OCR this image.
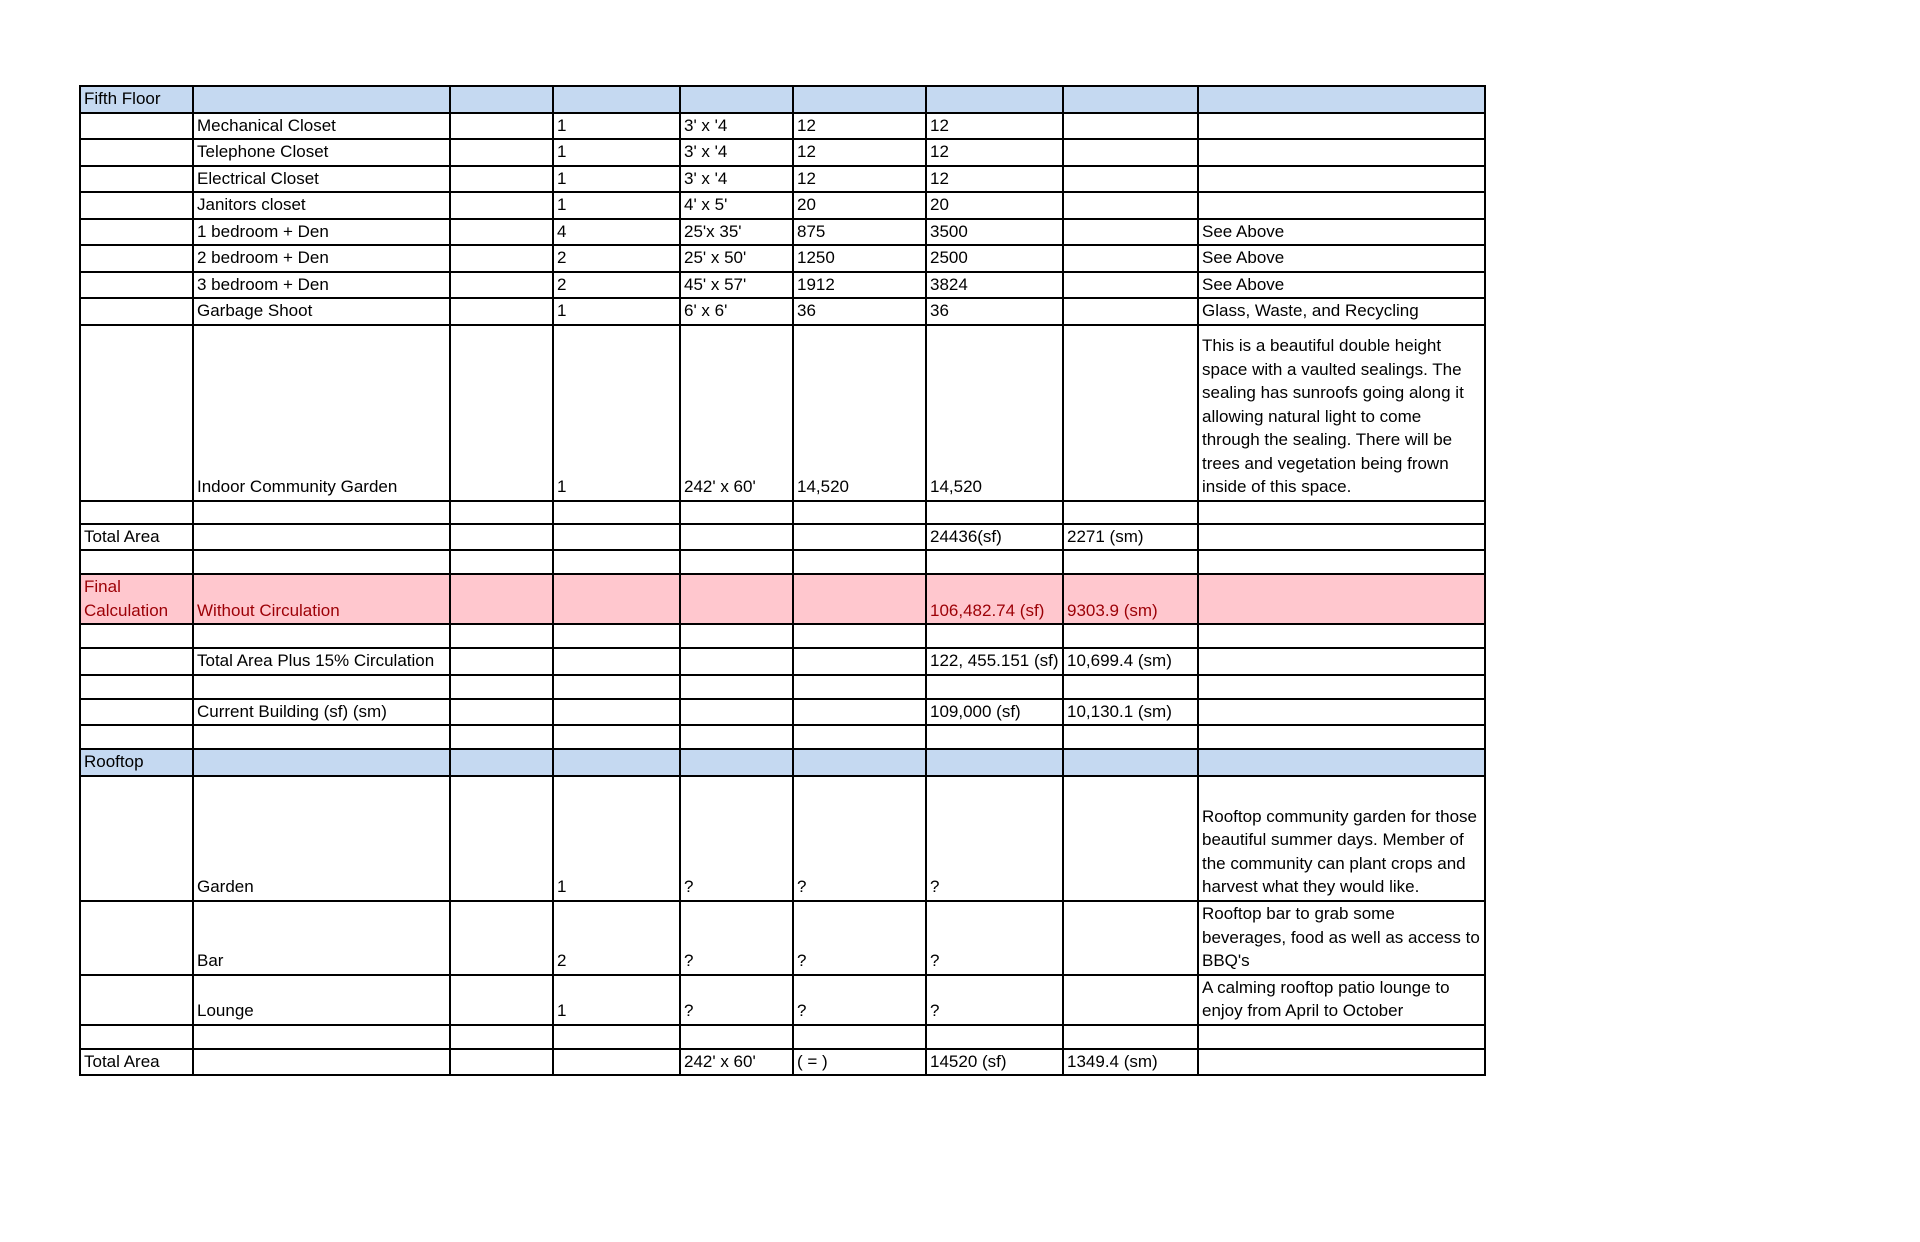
Fifth Floor								
	Mechanical Closet		1	3' x '4	12	12		
	Telephone Closet		1	3' x '4	12	12		
	Electrical Closet		1	3' x '4	12	12		
	Janitors closet		1	4' x 5'	20	20		
	1 bedroom + Den		4	25'x 35'	875	3500		See Above
	2 bedroom + Den		2	25' x 50'	1250	2500		See Above
	3 bedroom + Den		2	45' x 57'	1912	3824		See Above
	Garbage Shoot		1	6' x 6'	36	36		Glass, Waste, and Recycling
	Indoor Community Garden		1	242' x 60'	14,520	14,520		This is a beautiful double height space with a vaulted sealings. The sealing has sunroofs going along it allowing natural light to come through the sealing. There will be trees and vegetation being frown inside of this space.

Total Area						24436(sf)	2271 (sm)	

Final Calculation	Without Circulation					106,482.74 (sf)	9303.9 (sm)	

	Total Area Plus 15% Circulation					122, 455.151 (sf)	10,699.4 (sm)	

	Current Building (sf) (sm)					109,000 (sf)	10,130.1 (sm)	

Rooftop								
	Garden		1	?	?	?		Rooftop community garden for those beautiful summer days. Member of the community can plant crops and harvest what they would like.
	Bar		2	?	?	?		Rooftop bar to grab some beverages, food as well as access to BBQ's
	Lounge		1	?	?	?		A calming rooftop patio lounge to enjoy from April to October

Total Area				242' x 60'	( = )	14520 (sf)	1349.4 (sm)	
